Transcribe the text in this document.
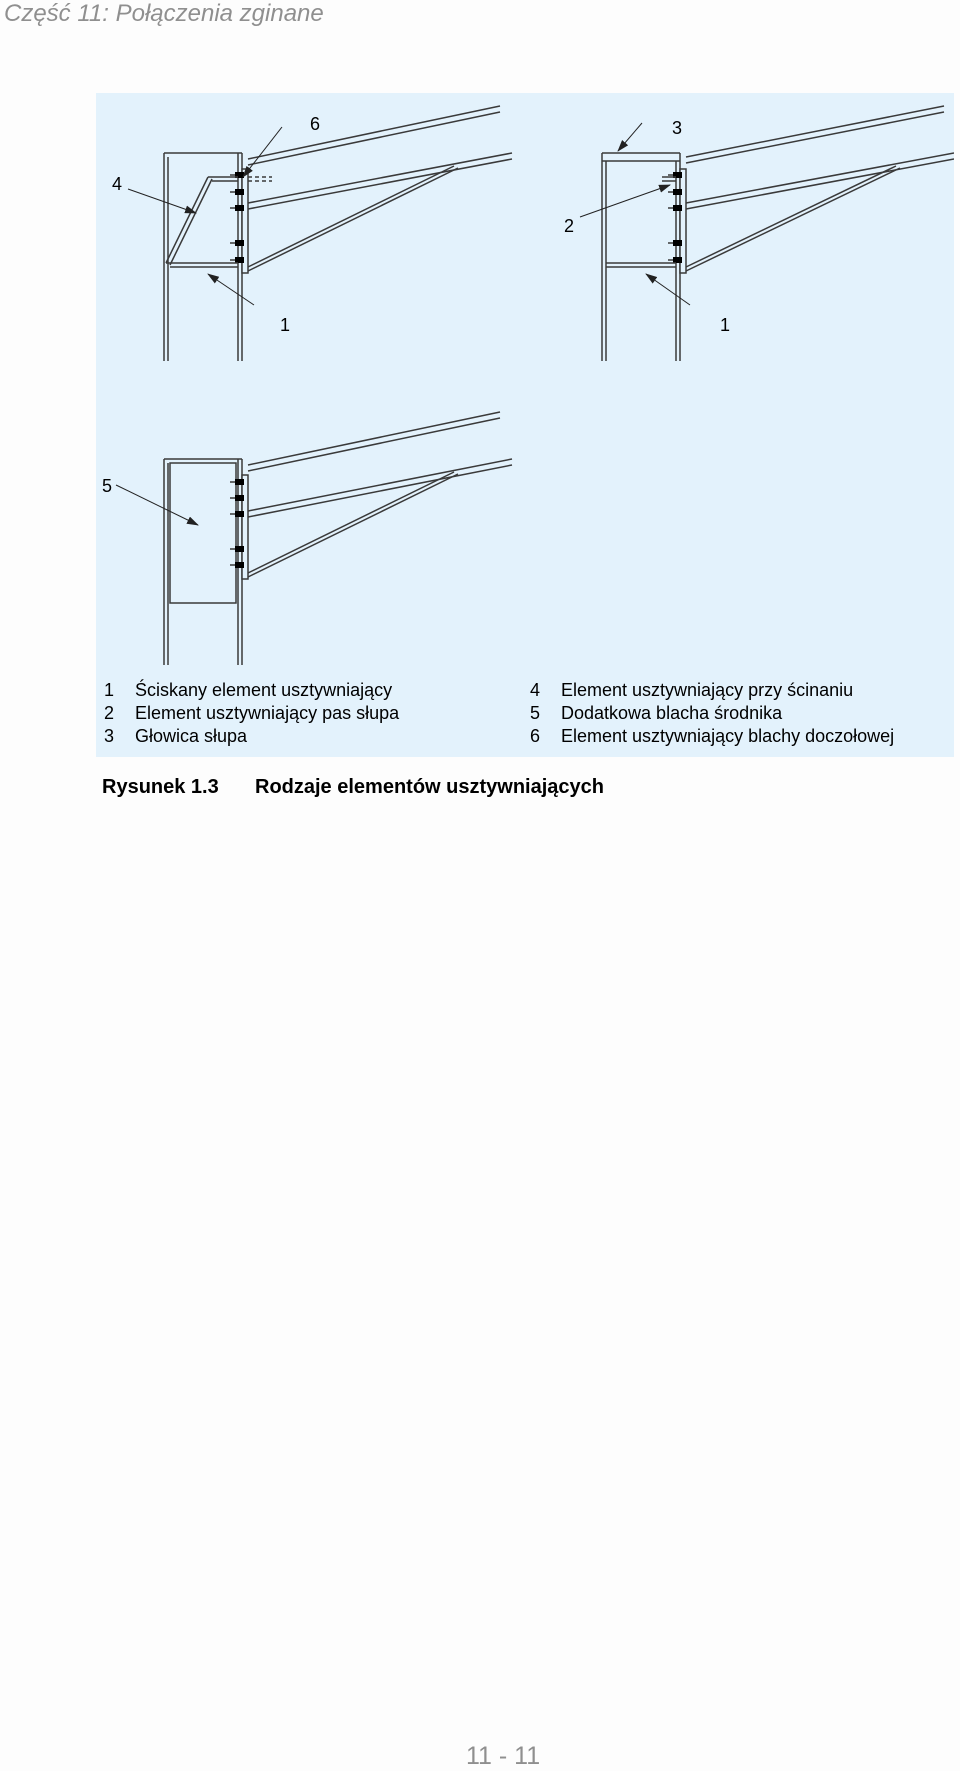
Część 11: Połączenia zginane
6
4
1
3
2
1
5
1 Ściskany element usztywniający
2 Element usztywniający pas słupa
3 Głowica słupa
4 Element usztywniający przy ścinaniu
5 Dodatkowa blacha środnika
6 Element usztywniający blachy doczołowej
Rysunek 1.3 Rodzaje elementów usztywniających
11 - 11
